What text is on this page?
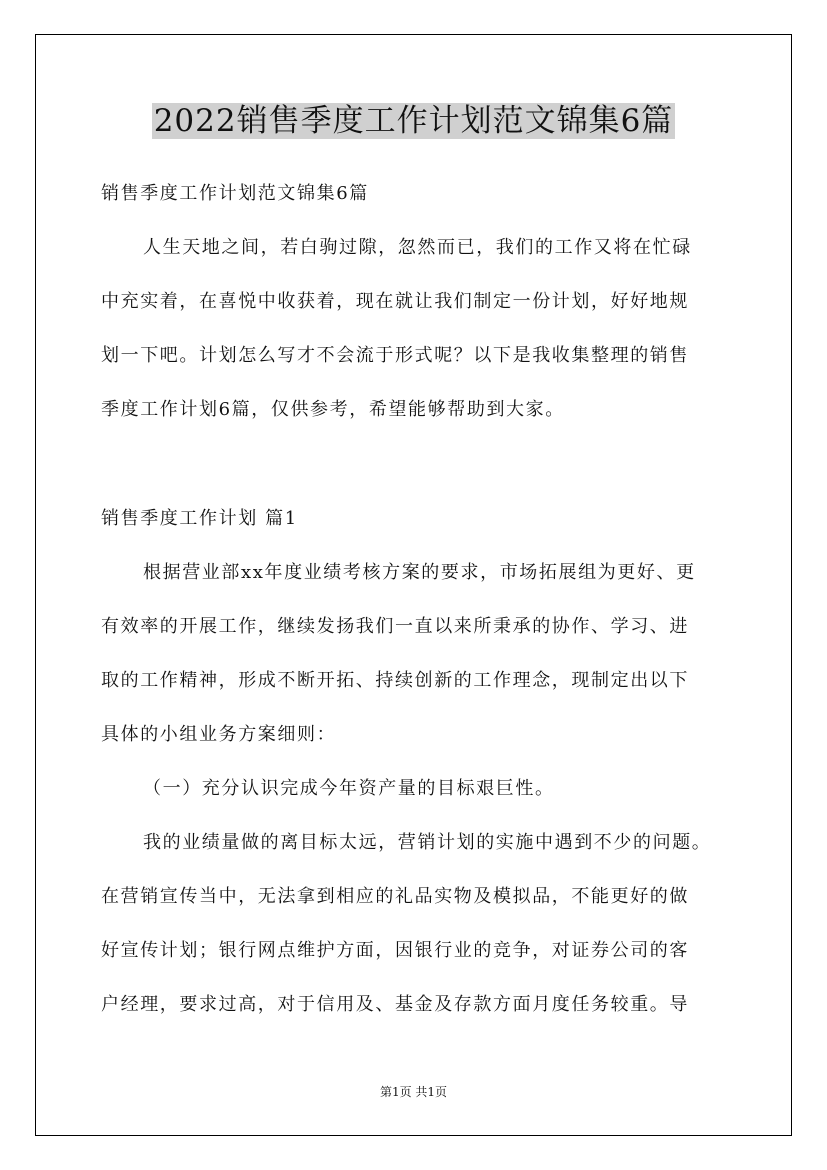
2022销售季度工作计划范文锦集6篇
销售季度工作计划范文锦集6篇
人生天地之间，若白驹过隙，忽然而已，我们的工作又将在忙碌
中充实着，在喜悦中收获着，现在就让我们制定一份计划，好好地规
划一下吧。计划怎么写才不会流于形式呢？以下是我收集整理的销售
季度工作计划6篇，仅供参考，希望能够帮助到大家。
销售季度工作计划 篇1
根据营业部xx年度业绩考核方案的要求，市场拓展组为更好、更
有效率的开展工作，继续发扬我们一直以来所秉承的协作、学习、进
取的工作精神，形成不断开拓、持续创新的工作理念，现制定出以下
具体的小组业务方案细则：
（一）充分认识完成今年资产量的目标艰巨性。
我的业绩量做的离目标太远，营销计划的实施中遇到不少的问题。
在营销宣传当中，无法拿到相应的礼品实物及模拟品，不能更好的做
好宣传计划；银行网点维护方面，因银行业的竞争，对证券公司的客
户经理，要求过高，对于信用及、基金及存款方面月度任务较重。导
第1页 共1页
